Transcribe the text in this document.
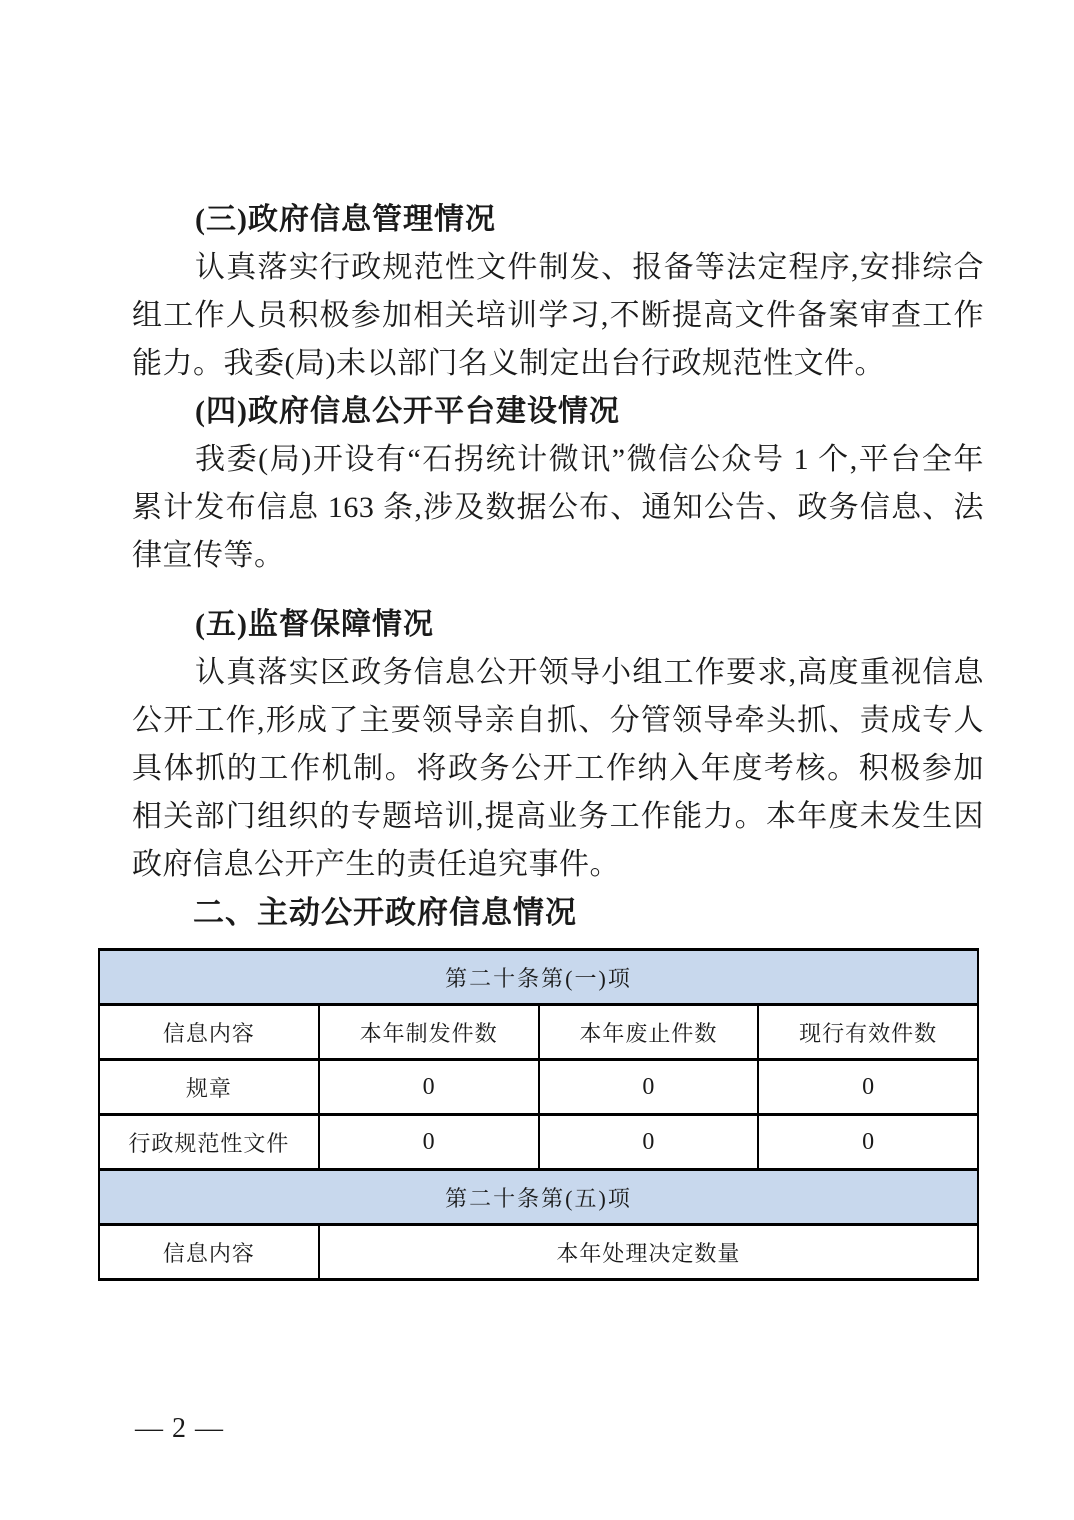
(三)政府信息管理情况

认真落实行政规范性文件制发、报备等法定程序,安排综合组工作人员积极参加相关培训学习,不断提高文件备案审查工作能力。我委(局)未以部门名义制定出台行政规范性文件。

(四)政府信息公开平台建设情况

我委(局)开设有“石拐统计微讯”微信公众号 1 个,平台全年累计发布信息 163 条,涉及数据公布、通知公告、政务信息、法律宣传等。

(五)监督保障情况

认真落实区政务信息公开领导小组工作要求,高度重视信息公开工作,形成了主要领导亲自抓、分管领导牵头抓、责成专人具体抓的工作机制。将政务公开工作纳入年度考核。积极参加相关部门组织的专题培训,提高业务工作能力。本年度未发生因政府信息公开产生的责任追究事件。

二、主动公开政府信息情况

第二十条第(一)项			
信息内容	本年制发件数	本年废止件数	现行有效件数
规章	0	0	0
行政规范性文件	0	0	0
第二十条第(五)项			
信息内容	本年处理决定数量		
— 2 —
